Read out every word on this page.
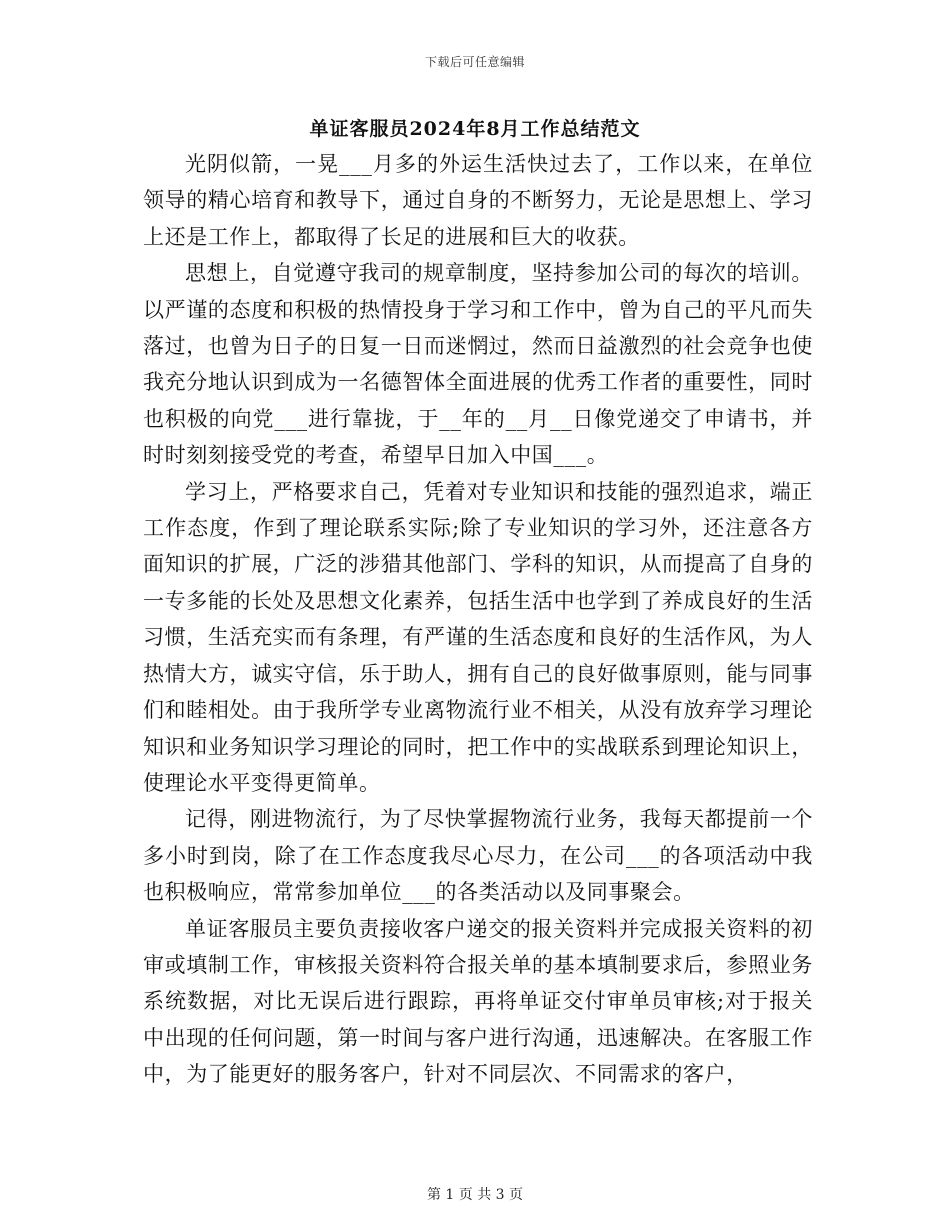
下载后可任意编辑
单证客服员2024年8月工作总结范文

光阴似箭，一晃___月多的外运生活快过去了，工作以来，在单位领导的精心培育和教导下，通过自身的不断努力，无论是思想上、学习上还是工作上，都取得了长足的进展和巨大的收获。

思想上，自觉遵守我司的规章制度，坚持参加公司的每次的培训。以严谨的态度和积极的热情投身于学习和工作中，曾为自己的平凡而失落过，也曾为日子的日复一日而迷惘过，然而日益激烈的社会竞争也使我充分地认识到成为一名德智体全面进展的优秀工作者的重要性，同时也积极的向党___进行靠拢，于__年的__月__日像党递交了申请书，并时时刻刻接受党的考查，希望早日加入中国___。

学习上，严格要求自己，凭着对专业知识和技能的强烈追求，端正工作态度，作到了理论联系实际;除了专业知识的学习外，还注意各方面知识的扩展，广泛的涉猎其他部门、学科的知识，从而提高了自身的一专多能的长处及思想文化素养，包括生活中也学到了养成良好的生活习惯，生活充实而有条理，有严谨的生活态度和良好的生活作风，为人热情大方，诚实守信，乐于助人，拥有自己的良好做事原则，能与同事们和睦相处。由于我所学专业离物流行业不相关，从没有放弃学习理论知识和业务知识学习理论的同时，把工作中的实战联系到理论知识上，使理论水平变得更简单。

记得，刚进物流行，为了尽快掌握物流行业务，我每天都提前一个多小时到岗，除了在工作态度我尽心尽力，在公司___的各项活动中我也积极响应，常常参加单位___的各类活动以及同事聚会。

单证客服员主要负责接收客户递交的报关资料并完成报关资料的初审或填制工作，审核报关资料符合报关单的基本填制要求后，参照业务系统数据，对比无误后进行跟踪，再将单证交付审单员审核;对于报关中出现的任何问题，第一时间与客户进行沟通，迅速解决。在客服工作中，为了能更好的服务客户，针对不同层次、不同需求的客户，

第 1 页 共 3 页
